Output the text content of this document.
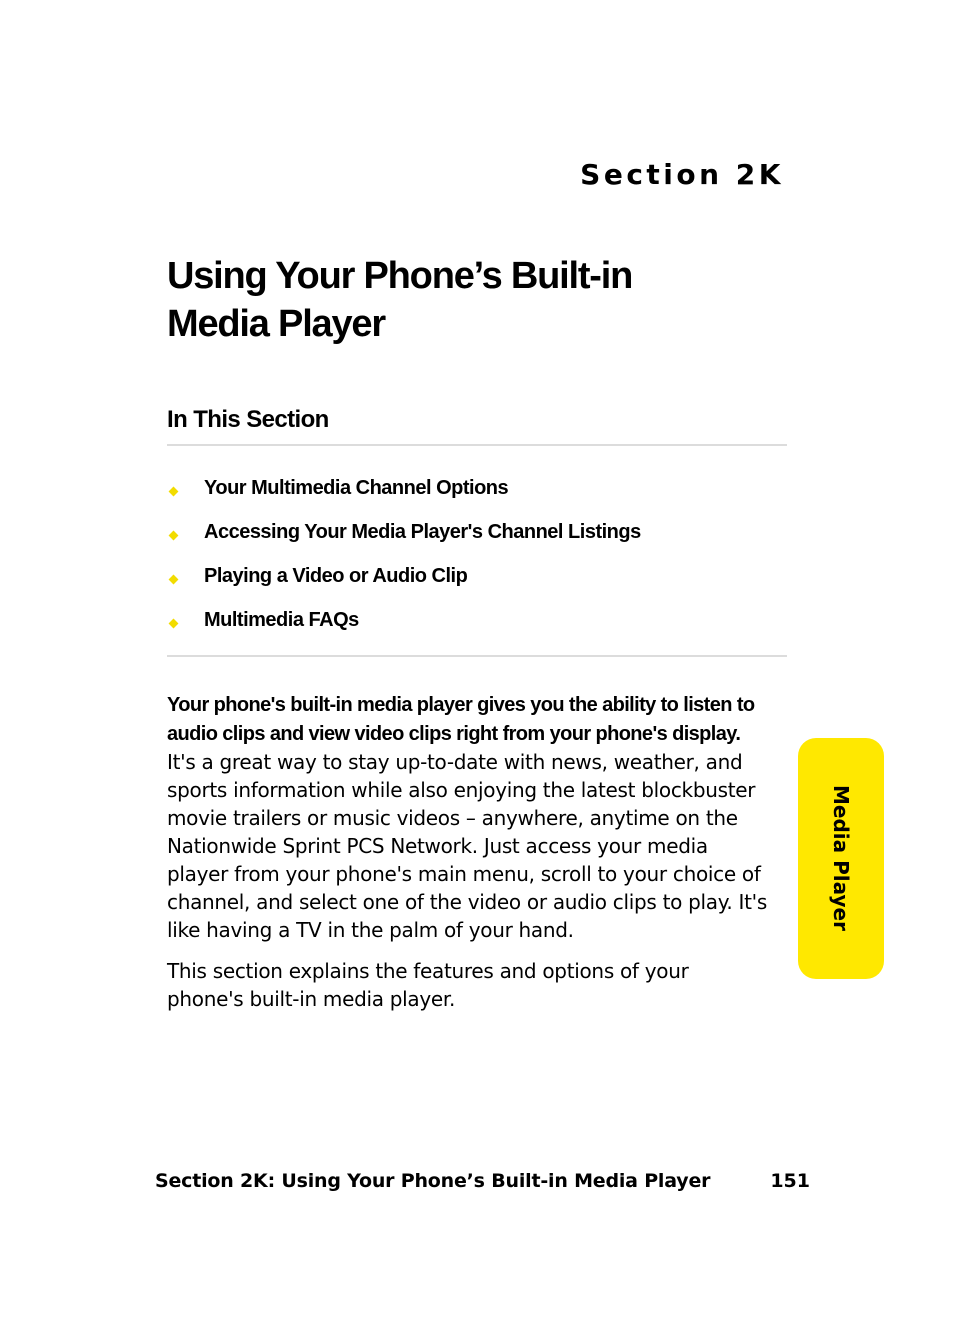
Section 2K
Using Your Phone’s Built-in
Media Player
In This Section
Your Multimedia Channel Options
Accessing Your Media Player's Channel Listings
Playing a Video or Audio Clip
Multimedia FAQs

Your phone's built-in media player gives you the ability to listen to audio clips and view video clips right from your phone's display. It's a great way to stay up-to-date with news, weather, and sports information while also enjoying the latest blockbuster movie trailers or music videos – anywhere, anytime on the Nationwide Sprint PCS Network. Just access your media player from your phone's main menu, scroll to your choice of channel, and select one of the video or audio clips to play. It's like having a TV in the palm of your hand.

This section explains the features and options of your phone's built-in media player.

Media Player
Section 2K: Using Your Phone’s Built-in Media Player	151
